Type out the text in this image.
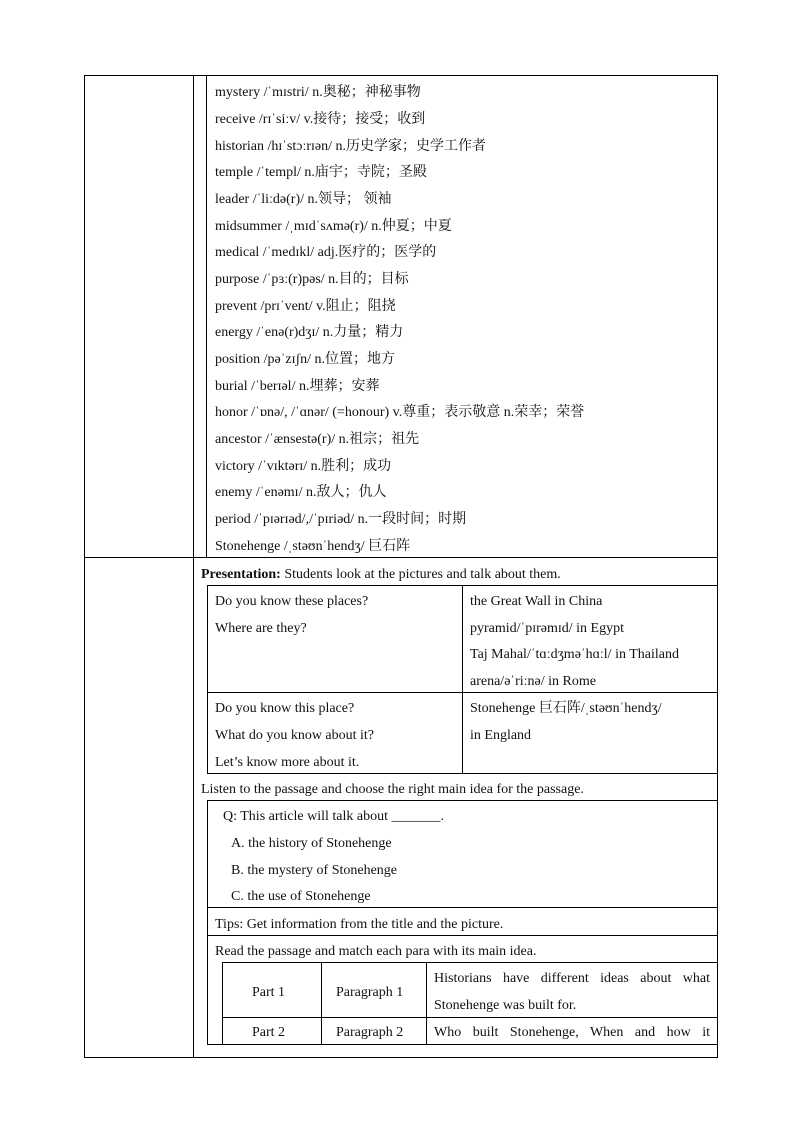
mystery /ˈmɪstri/ n.奥秘；神秘事物
receive /rɪˈsiːv/ v.接待；接受；收到
historian /hɪˈstɔːrɪən/ n.历史学家；史学工作者
temple /ˈtempl/ n.庙宇；寺院；圣殿
leader /ˈliːdə(r)/ n.领导； 领袖
midsummer /ˌmɪdˈsʌmə(r)/ n.仲夏；中夏
medical /ˈmedɪkl/ adj.医疗的；医学的
purpose /ˈpɜː(r)pəs/ n.目的；目标
prevent /prɪˈvent/ v.阻止；阻挠
energy /ˈenə(r)dʒɪ/ n.力量；精力
position /pəˈzɪʃn/ n.位置；地方
burial /ˈberɪəl/ n.埋葬；安葬
honor /ˈɒnə/, /ˈɑnər/ (=honour) v.尊重；表示敬意 n.荣幸；荣誉
ancestor /ˈænsestə(r)/ n.祖宗；祖先
victory /ˈvɪktərɪ/ n.胜利；成功
enemy /ˈenəmɪ/ n.敌人；仇人
period /ˈpɪərɪəd/,/ˈpɪriəd/ n.一段时间；时期
Stonehenge /ˌstəʊnˈhendʒ/ 巨石阵
Presentation: Students look at the pictures and talk about them.
Do you know these places?
Where are they?
the Great Wall in China
pyramid/ˈpɪrəmɪd/ in Egypt
Taj Mahal/ˈtɑːdʒməˈhɑːl/ in Thailand
arena/əˈriːnə/ in Rome
Do you know this place?
What do you know about it?
Let’s know more about it.
Stonehenge 巨石阵/ˌstəʊnˈhendʒ/
in England
Listen to the passage and choose the right main idea for the passage.
Q: This article will talk about _______.
A. the history of Stonehenge
B. the mystery of Stonehenge
C. the use of Stonehenge
Tips: Get information from the title and the picture.
Read the passage and match each para with its main idea.
Part 1	Paragraph 1
Historians have different ideas about what
Stonehenge was built for.
Part 2	Paragraph 2 Who built Stonehenge, When and how it
